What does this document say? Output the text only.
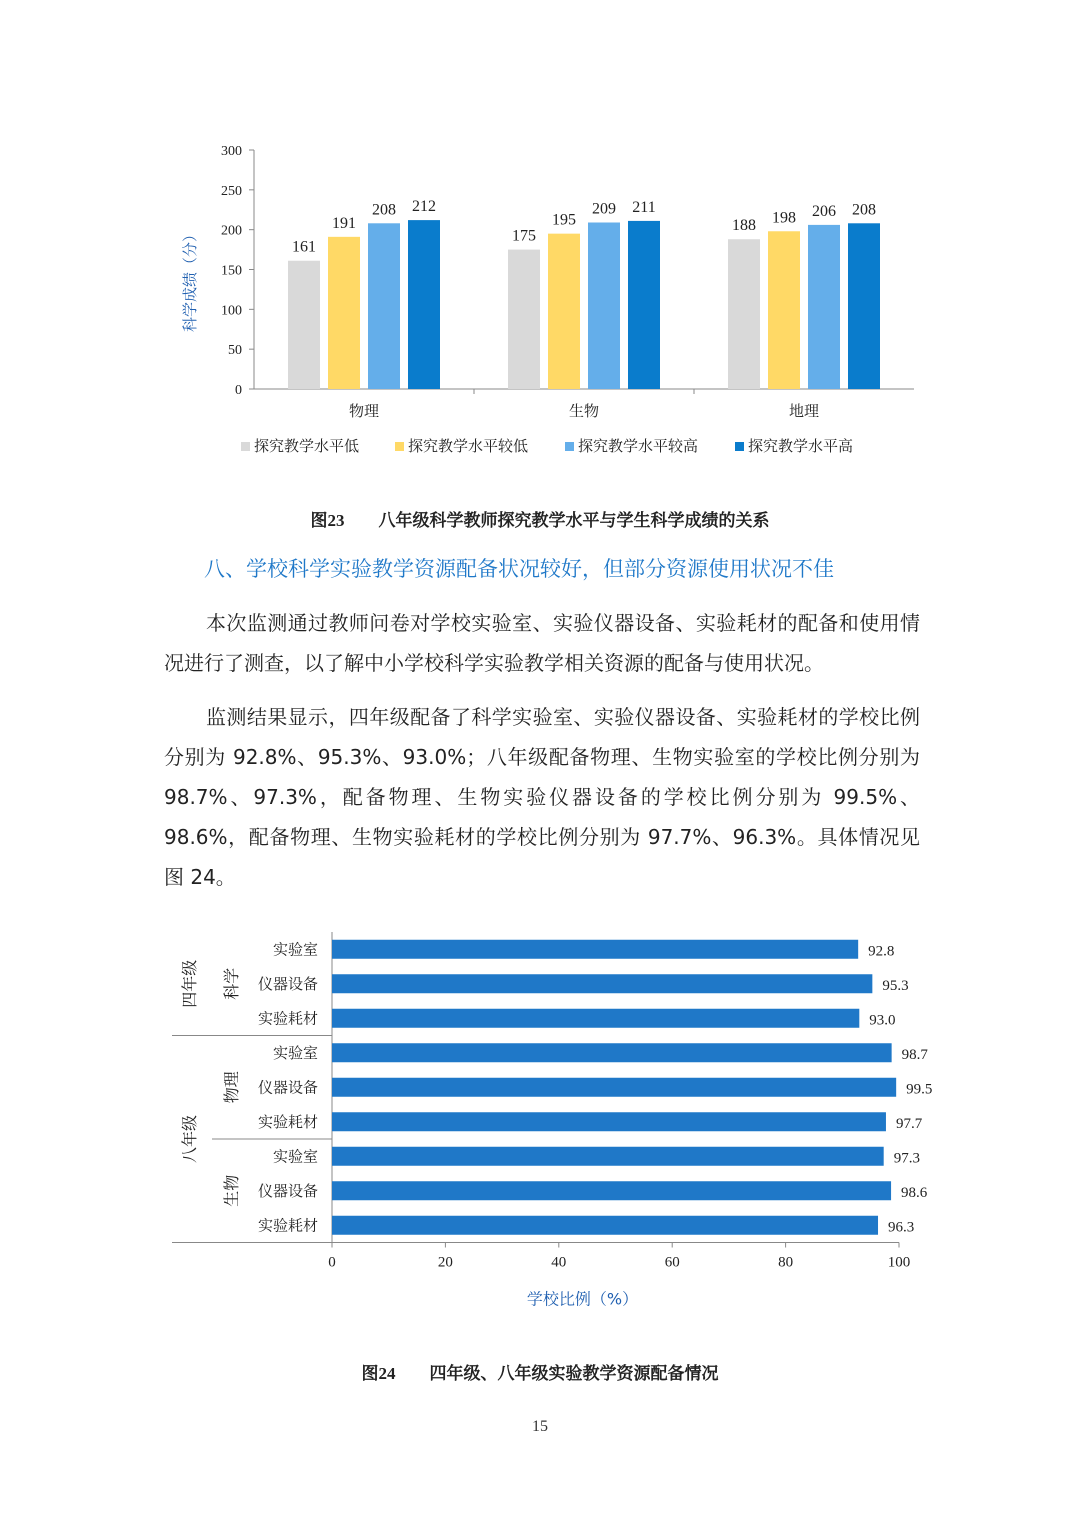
0
50
100
150
200
250
300
物理	生物	地理
161
191
208 212
175
195
209 211
188 198 206 208
探究教学水平低	探究教学水平较低	探究教学水平较高	探究教学水平高
科学成绩（分）
图23 八年级科学教师探究教学水平与学生科学成绩的关系
八、学校科学实验教学资源配备状况较好，但部分资源使用状况不佳

本次监测通过教师问卷对学校实验室、实验仪器设备、实验耗材的配备和使用情况进行了测查，以了解中小学校科学实验教学相关资源的配备与使用状况。

监测结果显示，四年级配备了科学实验室、实验仪器设备、实验耗材的学校比例分别为 92.8%、95.3%、93.0%；八年级配备物理、生物实验室的学校比例分别为 98.7%、97.3%，配备物理、生物实验仪器设备的学校比例分别为 99.5%、98.6%，配备物理、生物实验耗材的学校比例分别为 97.7%、96.3%。具体情况见图 24。

0	20	40	60	80	100
科学
物理
生物
四年级
八年级
实验室	92.8
仪器设备	95.3
实验耗材	93.0
实验室	98.7
仪器设备	99.5
实验耗材	97.7
实验室	97.3
仪器设备	98.6
实验耗材	96.3
学校比例（%）
图24 四年级、八年级实验教学资源配备情况
15
